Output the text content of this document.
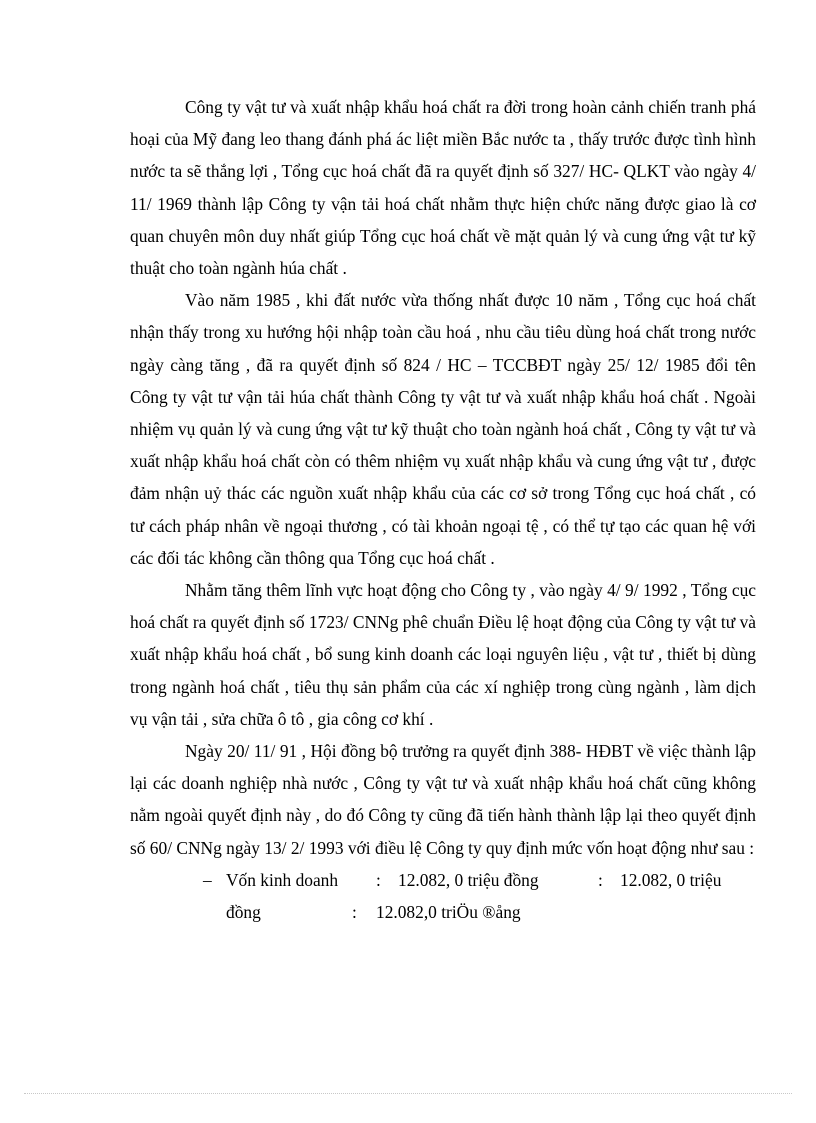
Công ty vật tư và xuất nhập khẩu hoá chất ra đời trong hoàn cảnh chiến tranh phá hoại của Mỹ đang leo thang đánh phá ác liệt miền Bắc nước ta , thấy trước được tình hình nước ta sẽ thắng lợi , Tổng cục hoá chất đã ra quyết định số 327/ HC- QLKT vào ngày 4/ 11/ 1969 thành lập Công ty vận tải hoá chất nhằm thực hiện chức năng được giao là cơ quan chuyên môn duy nhất giúp Tổng cục hoá chất về mặt quản lý và cung ứng vật tư kỹ thuật cho toàn ngành húa chất .

Vào năm 1985 , khi đất nước vừa thống nhất được 10 năm , Tổng cục hoá chất nhận thấy trong xu hướng hội nhập toàn cầu hoá , nhu cầu tiêu dùng hoá chất trong nước ngày càng tăng , đã ra quyết định số 824 / HC – TCCBĐT ngày 25/ 12/ 1985 đổi tên Công ty vật tư vận tải húa chất thành Công ty vật tư và xuất nhập khẩu hoá chất . Ngoài nhiệm vụ quản lý và cung ứng vật tư kỹ thuật cho toàn ngành hoá chất , Công ty vật tư và xuất nhập khẩu hoá chất còn có thêm nhiệm vụ xuất nhập khẩu và cung ứng vật tư , được đảm nhận uỷ thác các nguồn xuất nhập khẩu của các cơ sở trong Tổng cục hoá chất , có tư cách pháp nhân về ngoại thương , có tài khoản ngoại tệ , có thể tự tạo các quan hệ với các đối tác không cần thông qua Tổng cục hoá chất .

Nhằm tăng thêm lĩnh vực hoạt động cho Công ty , vào ngày 4/ 9/ 1992 , Tổng cục hoá chất ra quyết định số 1723/ CNNg phê chuẩn Điều lệ hoạt động của Công ty vật tư và xuất nhập khẩu hoá chất , bổ sung kinh doanh các loại nguyên liệu , vật tư , thiết bị dùng trong ngành hoá chất , tiêu thụ sản phẩm của các xí nghiệp trong cùng ngành , làm dịch vụ vận tải , sửa chữa ô tô , gia công cơ khí .

Ngày 20/ 11/ 91 , Hội đồng bộ trưởng ra quyết định 388- HĐBT về việc thành lập lại các doanh nghiệp nhà nước , Công ty vật tư và xuất nhập khẩu hoá chất cũng không nằm ngoài quyết định này , do đó Công ty cũng đã tiến hành thành lập lại theo quyết định số 60/ CNNg ngày 13/ 2/ 1993 với điều lệ Công ty quy định mức vốn hoạt động như sau :

– Vốn kinh doanh : 12.082, 0 triệu đồng	: 12.082, 0 triệu
đồng	: 12.082,0 triÖu ®ång
